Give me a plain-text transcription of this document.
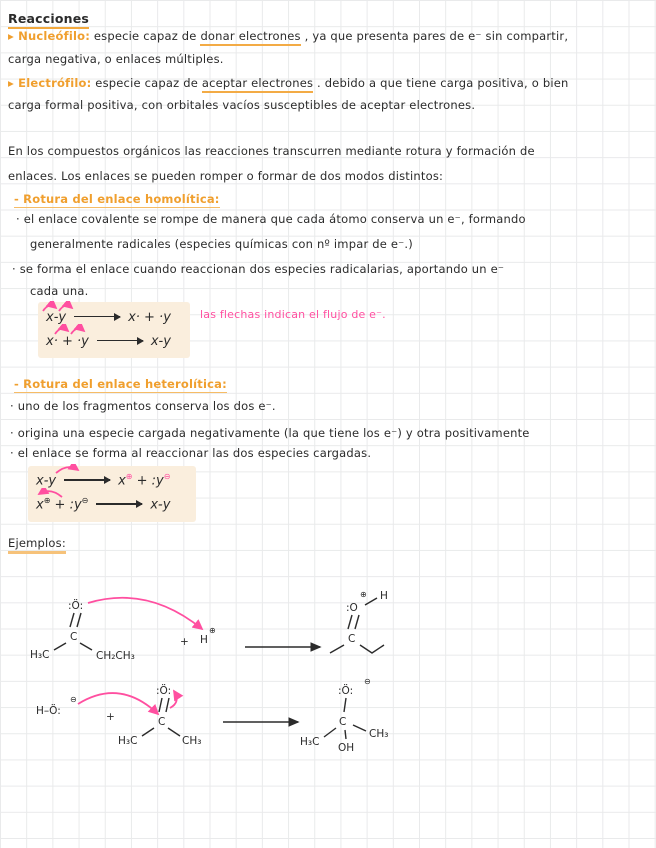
Reacciones
▸ Nucleófilo: especie capaz de donar electrones , ya que presenta pares de e⁻ sin compartir,
carga negativa, o enlaces múltiples.
▸ Electrófilo: especie capaz de aceptar electrones . debido a que tiene carga positiva, o bien
carga formal positiva, con orbitales vacíos susceptibles de aceptar electrones.
En los compuestos orgánicos las reacciones transcurren mediante rotura y formación de
enlaces. Los enlaces se pueden romper o formar de dos modos distintos:
- Rotura del enlace homolítica:
· el enlace covalente se rompe de manera que cada átomo conserva un e⁻, formando
generalmente radicales (especies químicas con nº impar de e⁻.)
· se forma el enlace cuando reaccionan dos especies radicalarias, aportando un e⁻
cada una.
x-y → x· + ·y
x· + ·y → x-y
las flechas indican el flujo de e⁻.
- Rotura del enlace heterolítica:
· uno de los fragmentos conserva los dos e⁻.
· origina una especie cargada negativamente (la que tiene los e⁻) y otra positivamente
· el enlace se forma al reaccionar las dos especies cargadas.
x-y → x⊕ + :y⊖
x⊕ + :y⊖ → x-y
Ejemplos:
:Ö:
C
H₃C	CH₂CH₃
+ H
⊕
⊕
:O
H
C
H–Ö:
⊖
+
:Ö:
C
H₃C	CH₃
:Ö:
⊖
C
H₃C OH
CH₃
